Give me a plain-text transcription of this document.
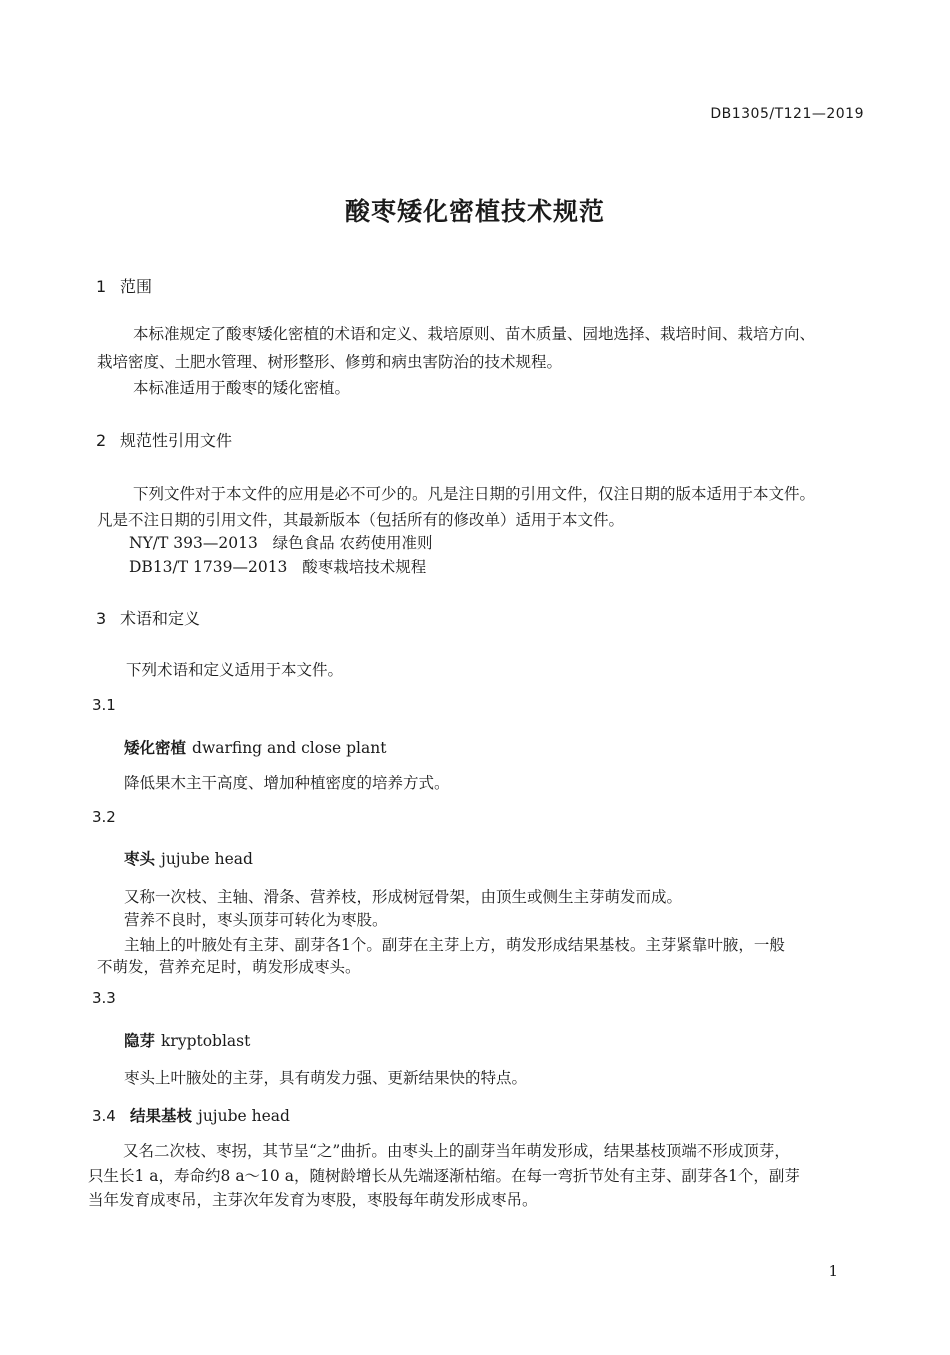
DB1305/T121—2019
酸枣矮化密植技术规范
1 范围
本标准规定了酸枣矮化密植的术语和定义、栽培原则、苗木质量、园地选择、栽培时间、栽培方向、
栽培密度、土肥水管理、树形整形、修剪和病虫害防治的技术规程。
本标准适用于酸枣的矮化密植。
2 规范性引用文件
下列文件对于本文件的应用是必不可少的。凡是注日期的引用文件，仅注日期的版本适用于本文件。
凡是不注日期的引用文件，其最新版本（包括所有的修改单）适用于本文件。
NY/T 393—2013 绿色食品 农药使用准则
DB13/T 1739—2013 酸枣栽培技术规程
3 术语和定义
下列术语和定义适用于本文件。
3.1
矮化密植 dwarfing and close plant
降低果木主干高度、增加种植密度的培养方式。
3.2
枣头 jujube head
又称一次枝、主轴、滑条、营养枝，形成树冠骨架，由顶生或侧生主芽萌发而成。
营养不良时，枣头顶芽可转化为枣股。
主轴上的叶腋处有主芽、副芽各1个。副芽在主芽上方，萌发形成结果基枝。主芽紧靠叶腋，一般
不萌发，营养充足时，萌发形成枣头。
3.3
隐芽 kryptoblast
枣头上叶腋处的主芽，具有萌发力强、更新结果快的特点。
3.4 结果基枝 jujube head
又名二次枝、枣拐，其节呈“之”曲折。由枣头上的副芽当年萌发形成，结果基枝顶端不形成顶芽，
只生长1 a，寿命约8 a～10 a，随树龄增长从先端逐渐枯缩。在每一弯折节处有主芽、副芽各1个，副芽
当年发育成枣吊，主芽次年发育为枣股，枣股每年萌发形成枣吊。
1
